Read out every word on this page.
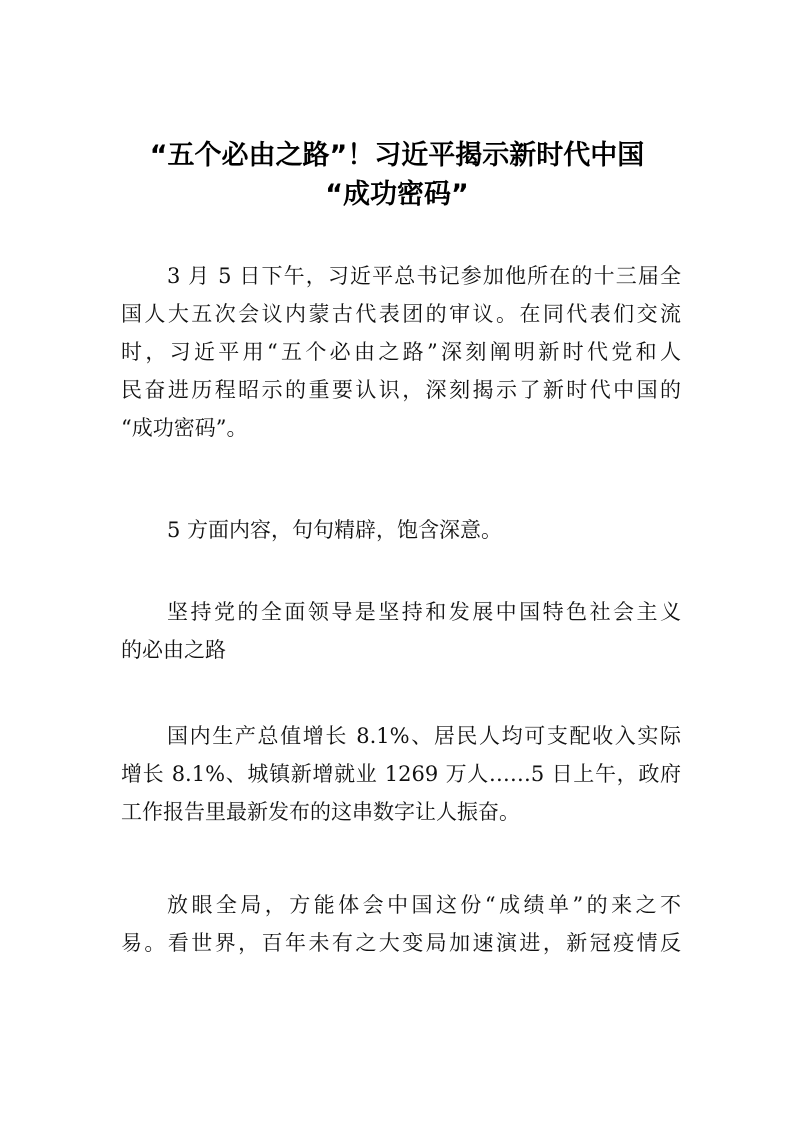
“五个必由之路”！习近平揭示新时代中国
“成功密码”
3 月 5 日下午，习近平总书记参加他所在的十三届全
国人大五次会议内蒙古代表团的审议。在同代表们交流
时，习近平用“五个必由之路”深刻阐明新时代党和人
民奋进历程昭示的重要认识，深刻揭示了新时代中国的
“成功密码”。
5 方面内容，句句精辟，饱含深意。
坚持党的全面领导是坚持和发展中国特色社会主义
的必由之路
国内生产总值增长 8.1%、居民人均可支配收入实际
增长 8.1%、城镇新增就业 1269 万人……5 日上午，政府
工作报告里最新发布的这串数字让人振奋。
放眼全局，方能体会中国这份“成绩单”的来之不
易。看世界，百年未有之大变局加速演进，新冠疫情反
